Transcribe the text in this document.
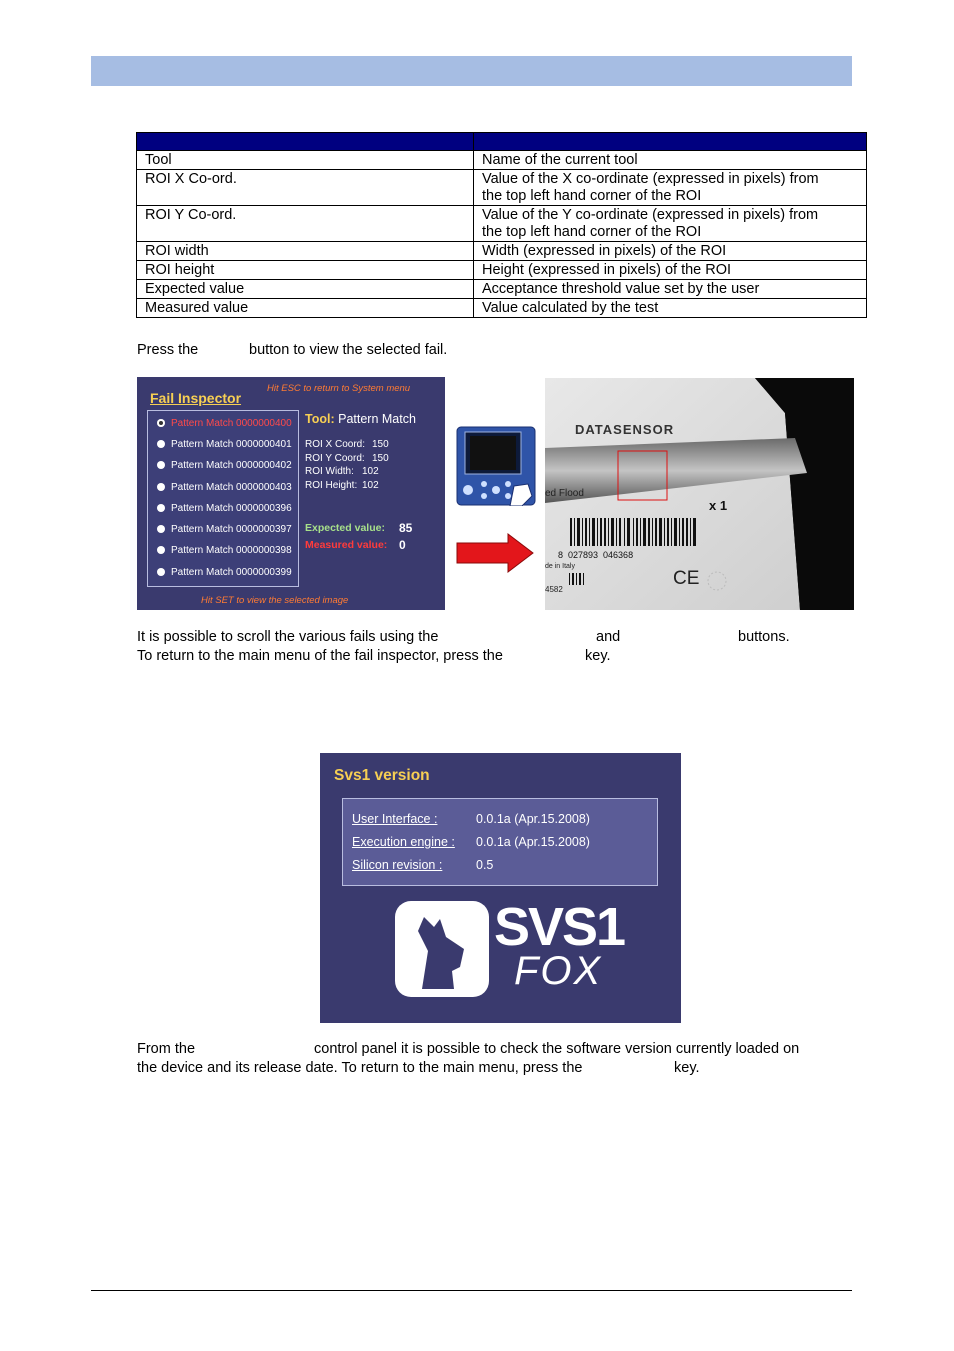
Tool	Name of the current tool
ROI X Co-ord.	Value of the X co-ordinate (expressed in pixels) from
the top left hand corner of the ROI
ROI Y Co-ord.	Value of the Y co-ordinate (expressed in pixels) from
the top left hand corner of the ROI
ROI width	Width (expressed in pixels) of the ROI
ROI height	Height (expressed in pixels) of the ROI
Expected value	Acceptance threshold value set by the user
Measured value	Value calculated by the test
Press the	button to view the selected fail.
Fail Inspector
Hit ESC to return to System menu
Pattern Match 0000000400
Pattern Match 0000000401
Pattern Match 0000000402
Pattern Match 0000000403
Pattern Match 0000000396
Pattern Match 0000000397
Pattern Match 0000000398
Pattern Match 0000000399
Tool: Pattern Match
ROI X Coord: 150
ROI Y Coord: 150
ROI Width: 102
ROI Height: 102
Expected value: 85
Measured value: 0
Hit SET to view the selected image
DATASENSOR
ed Flood
x 1
8  027893  046368
de in Italy
4582
CE
It is possible to scroll the various fails using the	and	buttons.
To return to the main menu of the fail inspector, press the	key.
Svs1 version
User Interface :	0.0.1a (Apr.15.2008)
Execution engine : 0.0.1a (Apr.15.2008)
Silicon revision :	0.5
SVS1
FOX
From the	control panel it is possible to check the software version currently loaded on
the device and its release date. To return to the main menu, press the	key.
